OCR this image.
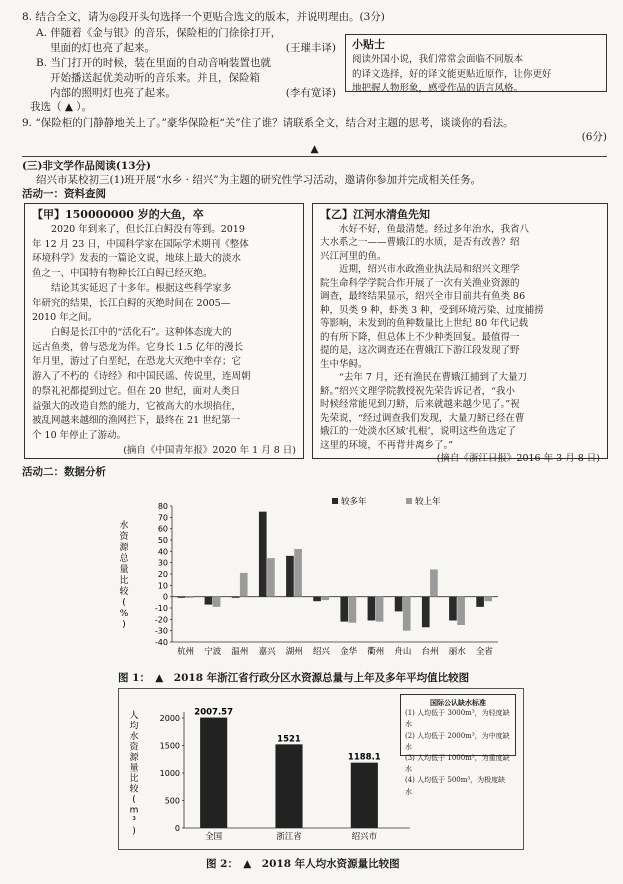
8. 结合全文，请为◎段开头句选择一个更贴合选文的版本，并说明理由。(3分)
A. 伴随着《金与银》的音乐，保险柜的门徐徐打开，
里面的灯也亮了起来。	(王璀丰译)
B. 当门打开的时候，装在里面的自动音响装置也就
开始播送起优美动听的音乐来。并且，保险箱
内部的照明灯也亮了起来。	(李有宽译)
我选（ ▲ ）。
小贴士
阅读外国小说，我们常常会面临不同版本
的译文选择，好的译文能更贴近原作，让你更好
地把握人物形象，感受作品的语言风格。
9. “保险柜的门静静地关上了。”豪华保险柜“关”住了谁？请联系全文，结合对主题的思考，谈谈你的看法。
(6分)
▲
(三)非文学作品阅读(13分)
绍兴市某校初三(1)班开展“水乡 · 绍兴”为主题的研究性学习活动，邀请你参加并完成相关任务。
活动一：资料查阅
【甲】150000000 岁的大鱼，卒
　　2020 年到来了，但长江白鲟没有等到。2019
年 12 月 23 日，中国科学家在国际学术期刊《整体
环境科学》发表的一篇论文说，地球上最大的淡水
鱼之一、中国特有物种长江白鲟已经灭绝。
　　结论其实延迟了十多年。根据这些科学家多
年研究的结果，长江白鲟的灭绝时间在 2005—
2010 年之间。
　　白鲟是长江中的“活化石”。这种体态庞大的
远古鱼类，曾与恐龙为伴。它身长 1.5 亿年的漫长
年月里，游过了白垩纪，在恐龙大灭绝中幸存；它
游入了不朽的《诗经》和中国民谣、传说里，连周朝
的祭礼祀都提到过它。但在 20 世纪，面对人类日
益强大的改造自然的能力，它被高大的水坝掐住，
被乱网越来越细的渔网拦下，最终在 21 世纪第一
个 10 年停止了游动。
(摘自《中国青年报》2020 年 1 月 8 日)
【乙】江河水清鱼先知
　　水好不好，鱼最清楚。经过多年治水，我省八
大水系之一——曹娥江的水质，是否有改善？绍
兴江河里的鱼。
　　近期，绍兴市水政渔业执法局和绍兴文理学
院生命科学学院合作开展了一次有关渔业资源的
调查，最终结果显示，绍兴全市目前共有鱼类 86
种，贝类 9 种，虾类 3 种，受到环境污染、过度捕捞
等影响，未发到的鱼种数量比上世纪 80 年代记载
的有所下降，但总体上不少种类回复。最值得一
提的是，这次调查还在曹娥江下游江段发现了野
生中华鲟。
　　“去年 7 月，还有渔民在曹娥江捕到了大量刀
鲚。”绍兴文理学院教授祝先荣告诉记者，“我小
时候经常能见到刀鲚，后来就越来越少见了。”祝
先荣说，“经过调查我们发现，大量刀鲚已经在曹
娥江的一处淡水区域‘扎根’，说明这些鱼选定了
这里的环境，不再背井离乡了。”
(摘自《浙江日报》2016 年 3 月 8 日)
活动二：数据分析
水
资
源
总
量
比
较
(
%
)
-40
-30
-20
-10
0
10
20
30
40
50
60
70
80
杭州 宁波 温州 嘉兴 湖州 绍兴 金华 衢州 舟山 台州 丽水 全省
较多年	较上年
图 1：　▲　2018 年浙江省行政分区水资源总量与上年及多年平均值比较图
人
均
水
资
源
量
比
较
(
m
³
)	0
500
1000
1500
2000
2007.57
全国
1521
浙江省
1188.1
绍兴市
国际公认缺水标准
(1) 人均低于 3000m³，为轻度缺水
(2) 人均低于 2000m³，为中度缺水
(3) 人均低于 1000m³，为重度缺水
(4) 人均低于 500m³，为极度缺水
图 2：　▲　2018 年人均水资源量比较图
